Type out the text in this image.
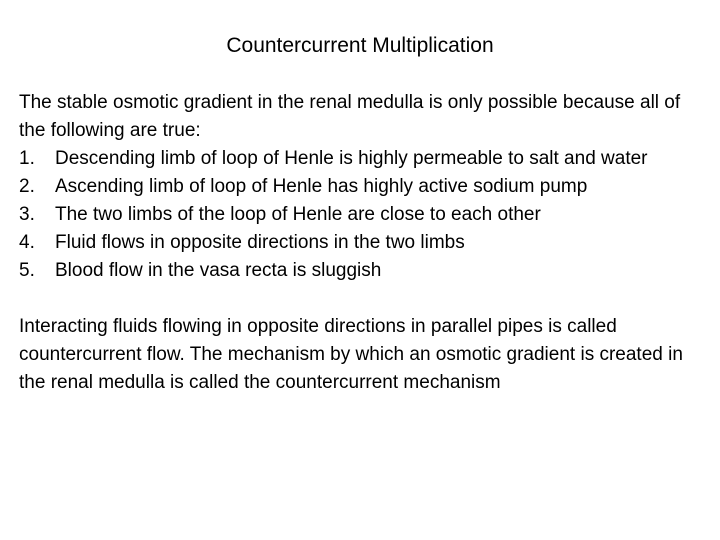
Countercurrent Multiplication

The stable osmotic gradient in the renal medulla is only possible because all of the following are true:

1. Descending limb of loop of Henle is highly permeable to salt and water
2. Ascending limb of loop of Henle has highly active sodium pump
3. The two limbs of the loop of Henle are close to each other
4. Fluid flows in opposite directions in the two limbs
5. Blood flow in the vasa recta is sluggish

Interacting fluids flowing in opposite directions in parallel pipes is called countercurrent flow. The mechanism by which an osmotic gradient is created in the renal medulla is called the countercurrent mechanism
